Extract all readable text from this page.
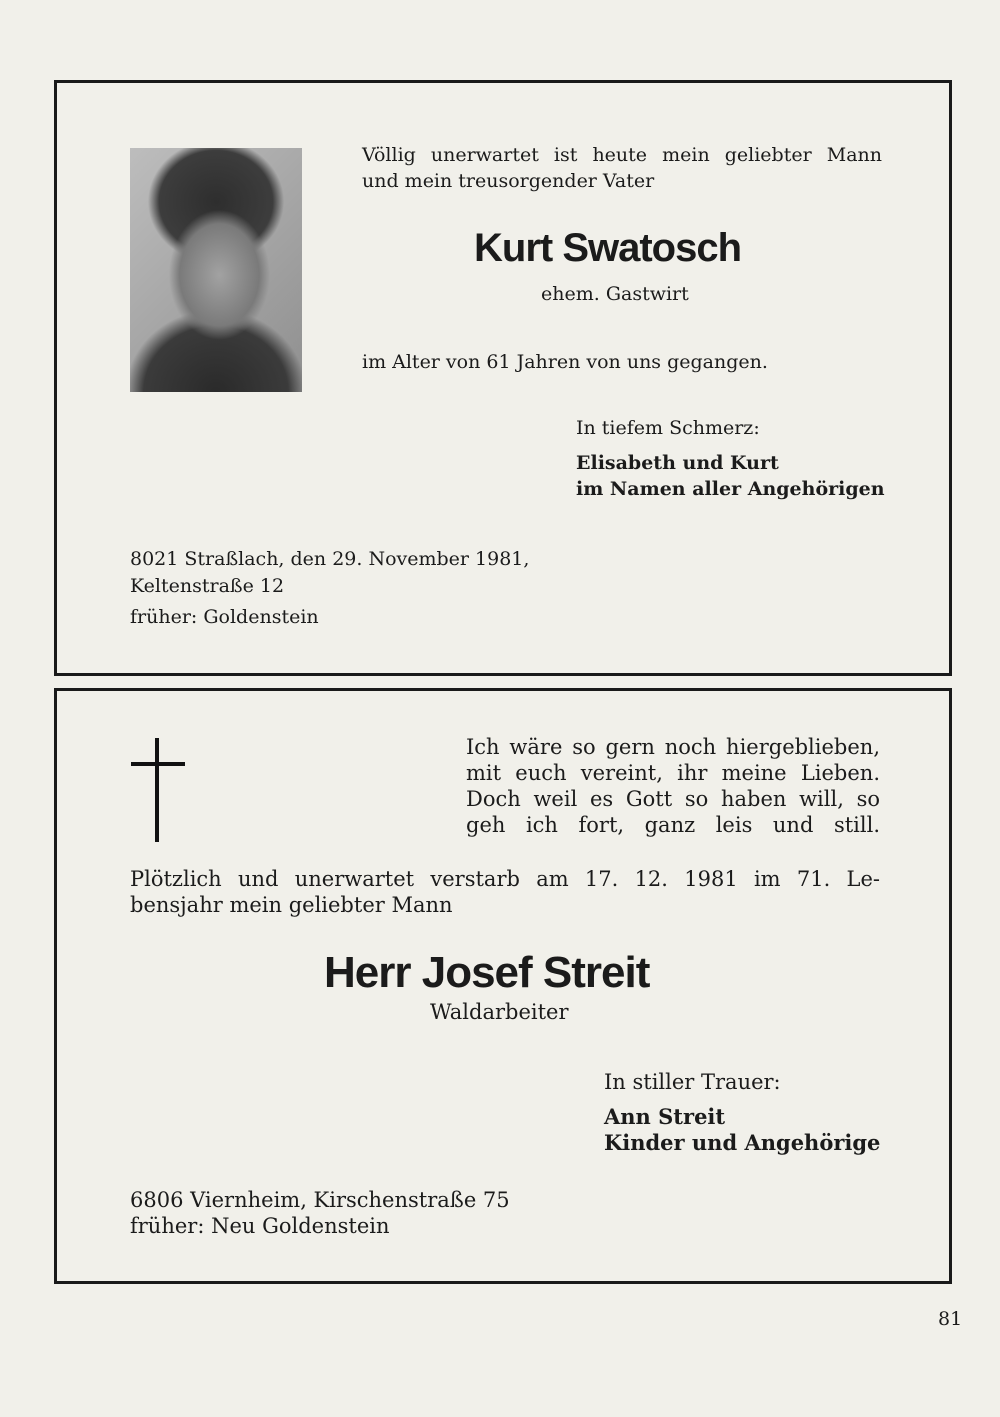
Völlig unerwartet ist heute mein geliebter Mann
und mein treusorgender Vater
Kurt Swatosch
ehem. Gastwirt
im Alter von 61 Jahren von uns gegangen.
In tiefem Schmerz:
Elisabeth und Kurt
im Namen aller Angehörigen
8021 Straßlach, den 29. November 1981,
Keltenstraße 12
früher: Goldenstein
Ich wäre so gern noch hiergeblieben,
mit euch vereint, ihr meine Lieben.
Doch weil es Gott so haben will, so
geh ich fort, ganz leis und still.
Plötzlich und unerwartet verstarb am 17. 12. 1981 im 71. Le-
bensjahr mein geliebter Mann
Herr Josef Streit
Waldarbeiter
In stiller Trauer:
Ann Streit
Kinder und Angehörige
6806 Viernheim, Kirschenstraße 75
früher: Neu Goldenstein
81
